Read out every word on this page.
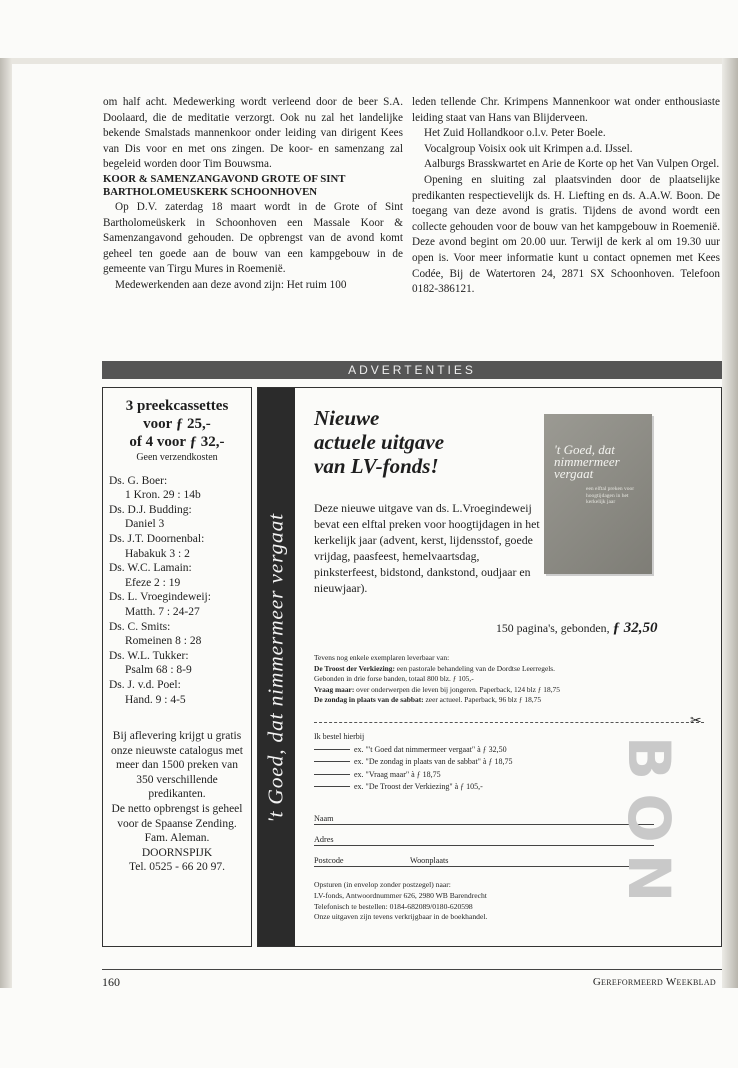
om half acht. Medewerking wordt verleend door de beer S.A. Doolaard, die de meditatie verzorgt. Ook nu zal het landelijke bekende Smalstads mannenkoor onder leiding van dirigent Kees van Dis voor en met ons zingen. De koor- en samenzang zal begeleid worden door Tim Bouwsma.

KOOR & SAMENZANGAVOND GROTE OF SINT BARTHOLOMEUSKERK SCHOONHOVEN

Op D.V. zaterdag 18 maart wordt in de Grote of Sint Bartholomeüskerk in Schoonhoven een Massale Koor & Samenzangavond gehouden. De opbrengst van de avond komt geheel ten goede aan de bouw van een kampgebouw in de gemeente van Tirgu Mures in Roemenië.

Medewerkenden aan deze avond zijn: Het ruim 100

leden tellende Chr. Krimpens Mannenkoor wat onder enthousiaste leiding staat van Hans van Blijderveen.

Het Zuid Hollandkoor o.l.v. Peter Boele.

Vocalgroup Voisix ook uit Krimpen a.d. IJssel.

Aalburgs Brasskwartet en Arie de Korte op het Van Vulpen Orgel.

Opening en sluiting zal plaatsvinden door de plaatselijke predikanten respectievelijk ds. H. Liefting en ds. A.A.W. Boon. De toegang van deze avond is gratis. Tijdens de avond wordt een collecte gehouden voor de bouw van het kampgebouw in Roemenië. Deze avond begint om 20.00 uur. Terwijl de kerk al om 19.30 uur open is. Voor meer informatie kunt u contact opnemen met Kees Codée, Bij de Watertoren 24, 2871 SX Schoonhoven. Telefoon 0182-386121.

ADVERTENTIES
3 preekcassettes
voor ƒ 25,-
of 4 voor ƒ 32,-
Geen verzendkosten
Ds. G. Boer:
1 Kron. 29 : 14b
Ds. D.J. Budding:
Daniel 3
Ds. J.T. Doornenbal:
Habakuk 3 : 2
Ds. W.C. Lamain:
Efeze 2 : 19
Ds. L. Vroegindeweij:
Matth. 7 : 24-27
Ds. C. Smits:
Romeinen 8 : 28
Ds. W.L. Tukker:
Psalm 68 : 8-9
Ds. J. v.d. Poel:
Hand. 9 : 4-5
Bij aflevering krijgt u gratis onze nieuwste catalogus met meer dan 1500 preken van 350 verschillende predikanten.
De netto opbrengst is geheel voor de Spaanse Zending. Fam. Aleman.
DOORNSPIJK
Tel. 0525 - 66 20 97.
't Goed, dat nimmermeer vergaat
Nieuwe
actuele uitgave
van LV-fonds!
Deze nieuwe uitgave van ds. L.Vroegindeweij bevat een elftal preken voor hoogtijdagen in het kerkelijk jaar (advent, kerst, lijdensstof, goede vrijdag, paasfeest, hemelvaartsdag, pinksterfeest, bidstond, dankstond, oudjaar en nieuwjaar).
't Goed, dat nimmermeer vergaat
een elftal preken voor hoogtijdagen in het kerkelijk jaar
150 pagina's, gebonden, ƒ 32,50
Tevens nog enkele exemplaren leverbaar van:
De Troost der Verkiezing: een pastorale behandeling van de Dordtse Leerregels.
Gebonden in drie forse banden, totaal 800 blz. ƒ 105,-
Vraag maar: over onderwerpen die leven bij jongeren. Paperback, 124 blz ƒ 18,75
De zondag in plaats van de sabbat: zeer actueel. Paperback, 96 blz ƒ 18,75
✂
Ik bestel hierbij
ex. "'t Goed dat nimmermeer vergaat" à ƒ 32,50
ex. "De zondag in plaats van de sabbat" à ƒ 18,75
ex. "Vraag maar" à ƒ 18,75
ex. "De Troost der Verkiezing" à ƒ 105,-
Naam
Adres
Postcode	Woonplaats
Opsturen (in envelop zonder postzegel) naar:
LV-fonds, Antwoordnummer 626, 2980 WB Barendrecht
Telefonisch te bestellen: 0184-682089/0180-620598
Onze uitgaven zijn tevens verkrijgbaar in de boekhandel.
B
O
N
160	Gereformeerd Weekblad
